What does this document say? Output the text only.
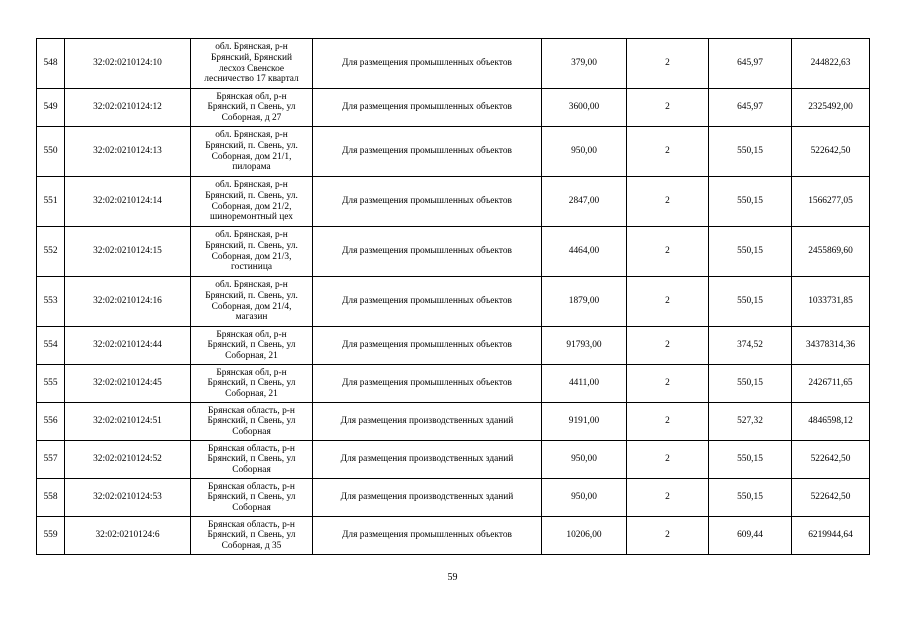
548	32:02:0210124:10	обл. Брянская, р-н
Брянский, Брянский
лесхоз Свенское
лесничество 17 квартал	Для размещения промышленных объектов	379,00	2	645,97	244822,63
549	32:02:0210124:12	Брянская обл, р-н
Брянский, п Свень, ул
Соборная, д 27	Для размещения промышленных объектов	3600,00	2	645,97	2325492,00
550	32:02:0210124:13	обл. Брянская, р-н
Брянский, п. Свень, ул.
Соборная, дом 21/1,
пилорама	Для размещения промышленных объектов	950,00	2	550,15	522642,50
551	32:02:0210124:14	обл. Брянская, р-н
Брянский, п. Свень, ул.
Соборная, дом 21/2,
шиноремонтный цех	Для размещения промышленных объектов	2847,00	2	550,15	1566277,05
552	32:02:0210124:15	обл. Брянская, р-н
Брянский, п. Свень, ул.
Соборная, дом 21/3,
гостиница	Для размещения промышленных объектов	4464,00	2	550,15	2455869,60
553	32:02:0210124:16	обл. Брянская, р-н
Брянский, п. Свень, ул.
Соборная, дом 21/4,
магазин	Для размещения промышленных объектов	1879,00	2	550,15	1033731,85
554	32:02:0210124:44	Брянская обл, р-н
Брянский, п Свень, ул
Соборная, 21	Для размещения промышленных объектов	91793,00	2	374,52	34378314,36
555	32:02:0210124:45	Брянская обл, р-н
Брянский, п Свень, ул
Соборная, 21	Для размещения промышленных объектов	4411,00	2	550,15	2426711,65
556	32:02:0210124:51	Брянская область, р-н
Брянский, п Свень, ул
Соборная	Для размещения производственных зданий	9191,00	2	527,32	4846598,12
557	32:02:0210124:52	Брянская область, р-н
Брянский, п Свень, ул
Соборная	Для размещения производственных зданий	950,00	2	550,15	522642,50
558	32:02:0210124:53	Брянская область, р-н
Брянский, п Свень, ул
Соборная	Для размещения производственных зданий	950,00	2	550,15	522642,50
559	32:02:0210124:6	Брянская область, р-н
Брянский, п Свень, ул
Соборная, д 35	Для размещения промышленных объектов	10206,00	2	609,44	6219944,64
59
